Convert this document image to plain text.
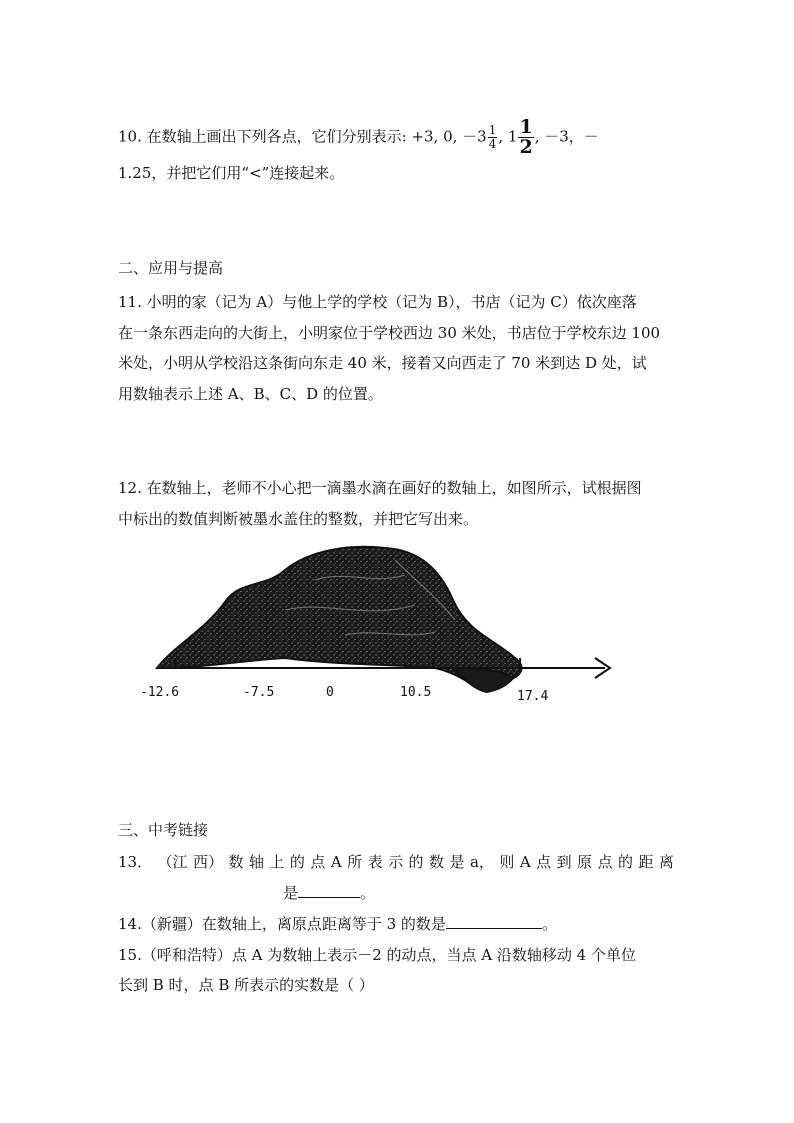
10. 在数轴上画出下列各点，它们分别表示: +3, 0, $-3 \frac{1}{4}$ , $1 \frac{1}{2}$ , －3，－
1.25，并把它们用“<”连接起来。
二、应用与提高
11. 小明的家（记为 A）与他上学的学校（记为 B），书店（记为 C）依次座落
在一条东西走向的大街上，小明家位于学校西边 30 米处，书店位于学校东边 100
米处，小明从学校沿这条街向东走 40 米，接着又向西走了 70 米到达 D 处，试
用数轴表示上述 A、B、C、D 的位置。
12. 在数轴上，老师不小心把一滴墨水滴在画好的数轴上，如图所示，试根据图
中标出的数值判断被墨水盖住的整数，并把它写出来。
-12.6	-7.5	0	10.5	17.4
三、中考链接
13． （江 西） 数 轴 上 的 点 A 所 表 示 的 数 是 a， 则 A 点 到 原 点 的 距 离
是	。
14.（新疆）在数轴上，离原点距离等于 3 的数是	。
15.（呼和浩特）点 A 为数轴上表示－2 的动点，当点 A 沿数轴移动 4 个单位
长到 B 时，点 B 所表示的实数是（ ）
